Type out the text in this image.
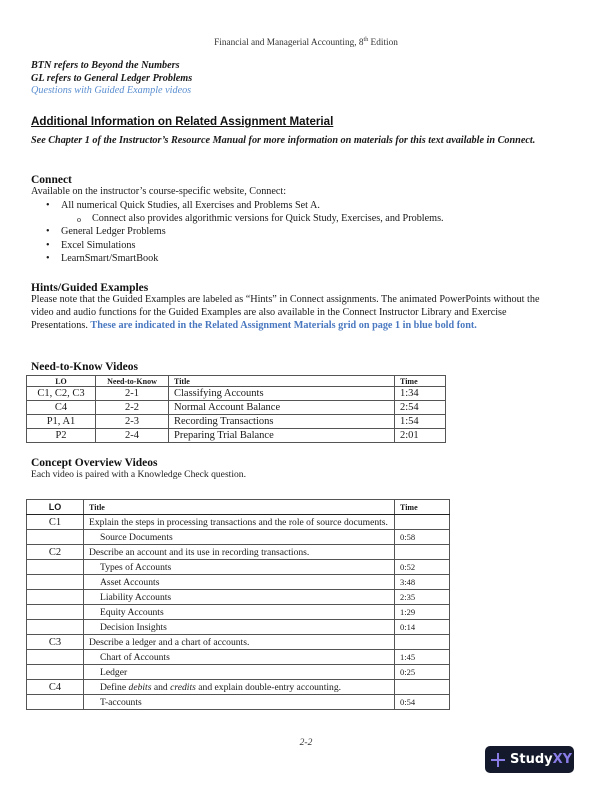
Financial and Managerial Accounting, 8th Edition
BTN refers to Beyond the Numbers
GL refers to General Ledger Problems
Questions with Guided Example videos
Additional Information on Related Assignment Material
See Chapter 1 of the Instructor’s Resource Manual for more information on materials for this text available in Connect.
Connect
Available on the instructor’s course-specific website, Connect:
• All numerical Quick Studies, all Exercises and Problems Set A.
o Connect also provides algorithmic versions for Quick Study, Exercises, and Problems.
• General Ledger Problems
• Excel Simulations
• LearnSmart/SmartBook
Hints/Guided Examples
Please note that the Guided Examples are labeled as “Hints” in Connect assignments. The animated PowerPoints without the video and audio functions for the Guided Examples are also available in the Connect Instructor Library and Exercise Presentations. These are indicated in the Related Assignment Materials grid on page 1 in blue bold font.
Need-to-Know Videos
LO	Need-to-Know	Title	Time
C1, C2, C3	2-1	Classifying Accounts	1:34
C4	2-2	Normal Account Balance	2:54
P1, A1	2-3	Recording Transactions	1:54
P2	2-4	Preparing Trial Balance	2:01
Concept Overview Videos
Each video is paired with a Knowledge Check question.
LO	Title	Time
C1	Explain the steps in processing transactions and the role of source documents.	
	Source Documents	0:58
C2	Describe an account and its use in recording transactions.	
	Types of Accounts	0:52
	Asset Accounts	3:48
	Liability Accounts	2:35
	Equity Accounts	1:29
	Decision Insights	0:14
C3	Describe a ledger and a chart of accounts.	
	Chart of Accounts	1:45
	Ledger	0:25
C4	Define debits and credits and explain double-entry accounting.	
	T-accounts	0:54
2-2
Study XY
